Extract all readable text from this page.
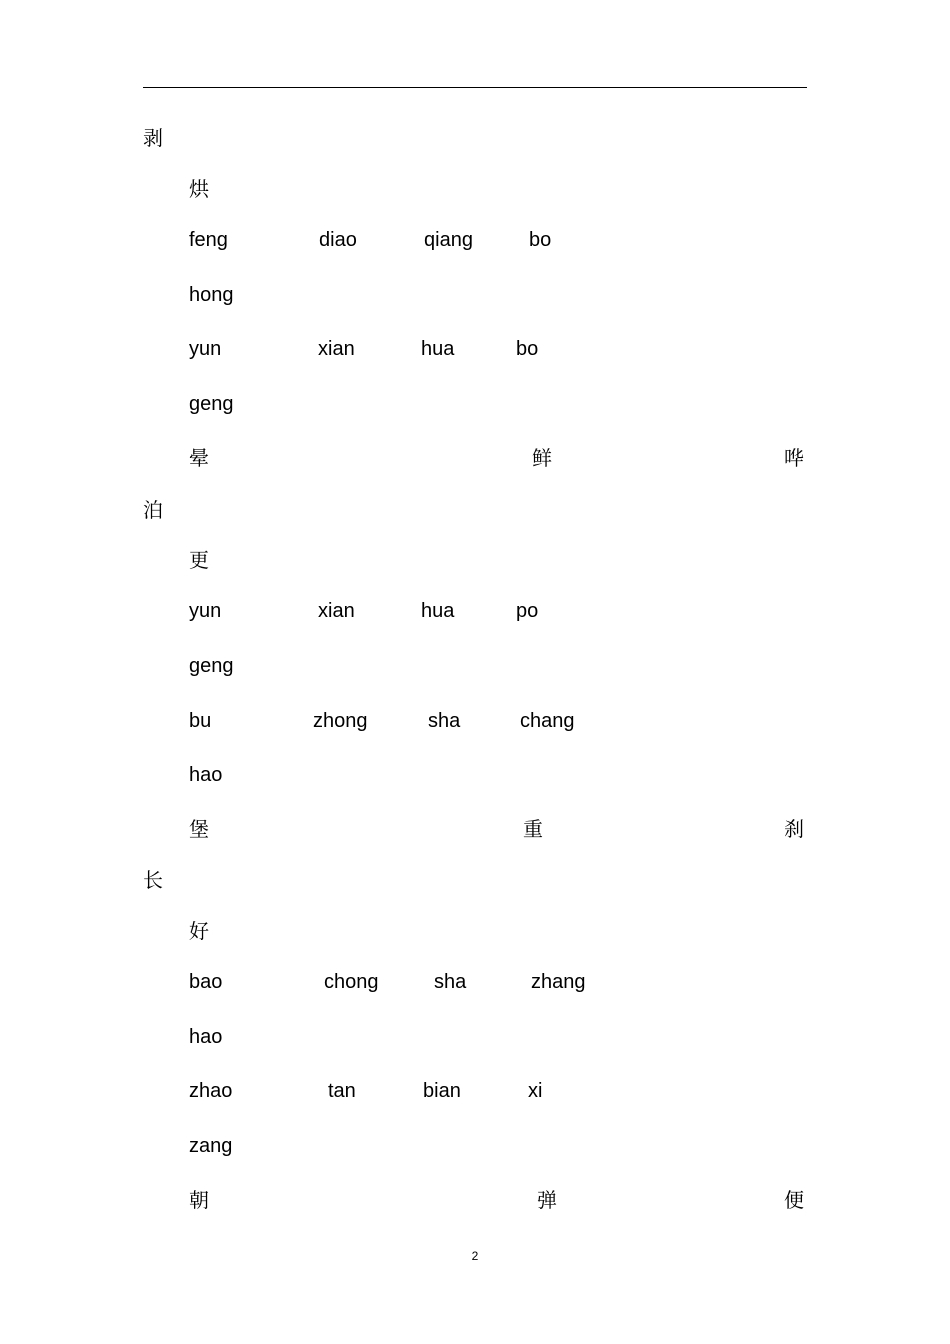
剥
烘
feng	diao	qiang	bo
hong
yun	xian	hua	bo
geng
晕	鲜	哗
泊
更
yun	xian	hua	po
geng
bu	zhong	sha	chang
hao
堡	重	刹
长
好
bao	chong	sha	zhang
hao
zhao	tan	bian	xi
zang
朝	弹	便
2
